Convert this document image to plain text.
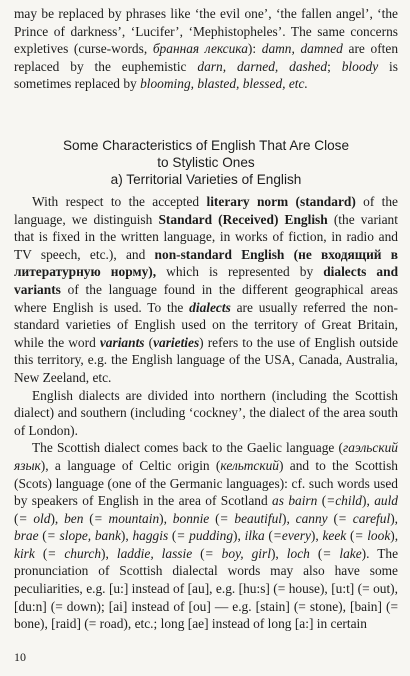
may be replaced by phrases like ‘the evil one’, ‘the fallen angel’, ‘the Prince of darkness’, ‘Lucifer’, ‘Mephistopheles’. The same concerns expletives (curse-words, бранная лексика): damn, damned are often replaced by the euphemistic darn, darned, dashed; bloody is sometimes replaced by blooming, blasted, blessed, etc.

Some Characteristics of English That Are Close
to Stylistic Ones
a) Territorial Varieties of English

With respect to the accepted literary norm (standard) of the language, we distinguish Standard (Received) English (the variant that is fixed in the written language, in works of fiction, in radio and TV speech, etc.), and non-standard English (не входящий в литературную норму), which is represented by dialects and variants of the language found in the different geographical areas where English is used. To the dialects are usually referred the non-standard varieties of English used on the territory of Great Britain, while the word variants (varieties) refers to the use of English outside this territory, e.g. the English language of the USA, Canada, Australia, New Zeeland, etc.

English dialects are divided into northern (including the Scottish dialect) and southern (including ‘cockney’, the dialect of the area south of London).

The Scottish dialect comes back to the Gaelic language (гаэльский язык), a language of Celtic origin (кельтский) and to the Scottish (Scots) language (one of the Germanic languages): cf. such words used by speakers of English in the area of Scotland as bairn (=child), auld (= old), ben (= mountain), bonnie (= beautiful), canny (= careful), brae (= slope, bank), haggis (= pudding), ilka (=every), keek (= look), kirk (= church), laddie, lassie (= boy, girl), loch (= lake). The pronunciation of Scottish dialectal words may also have some peculiarities, e.g. [u:] instead of [au], e.g. [hu:s] (= house), [u:t] (= out), [du:n] (= down); [ai] instead of [ou] — e.g. [stain] (= stone), [bain] (= bone), [raid] (= road), etc.; long [ae] instead of long [a:] in certain

10
